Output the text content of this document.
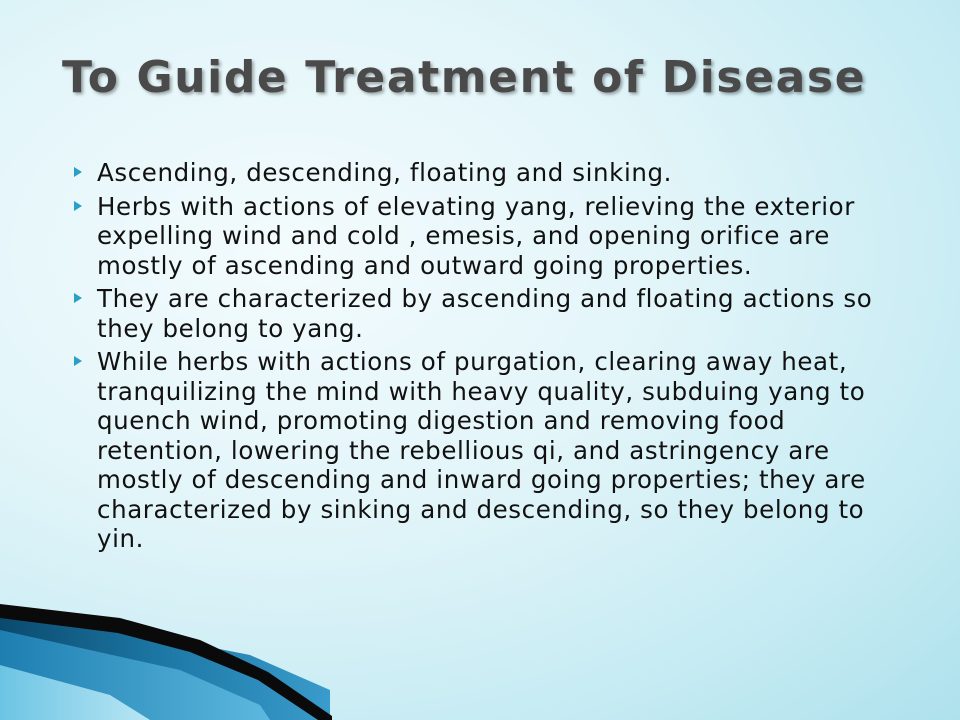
To Guide Treatment of Disease
Ascending, descending, floating and sinking.
Herbs with actions of elevating yang, relieving the exterior expelling wind and cold , emesis, and opening orifice are mostly of ascending and outward going properties.
They are characterized by ascending and floating actions so they belong to yang.
While herbs with actions of purgation, clearing away heat, tranquilizing the mind with heavy quality, subduing yang to quench wind, promoting digestion and removing food retention, lowering the rebellious qi, and astringency are mostly of descending and inward going properties; they are characterized by sinking and descending, so they belong to yin.
